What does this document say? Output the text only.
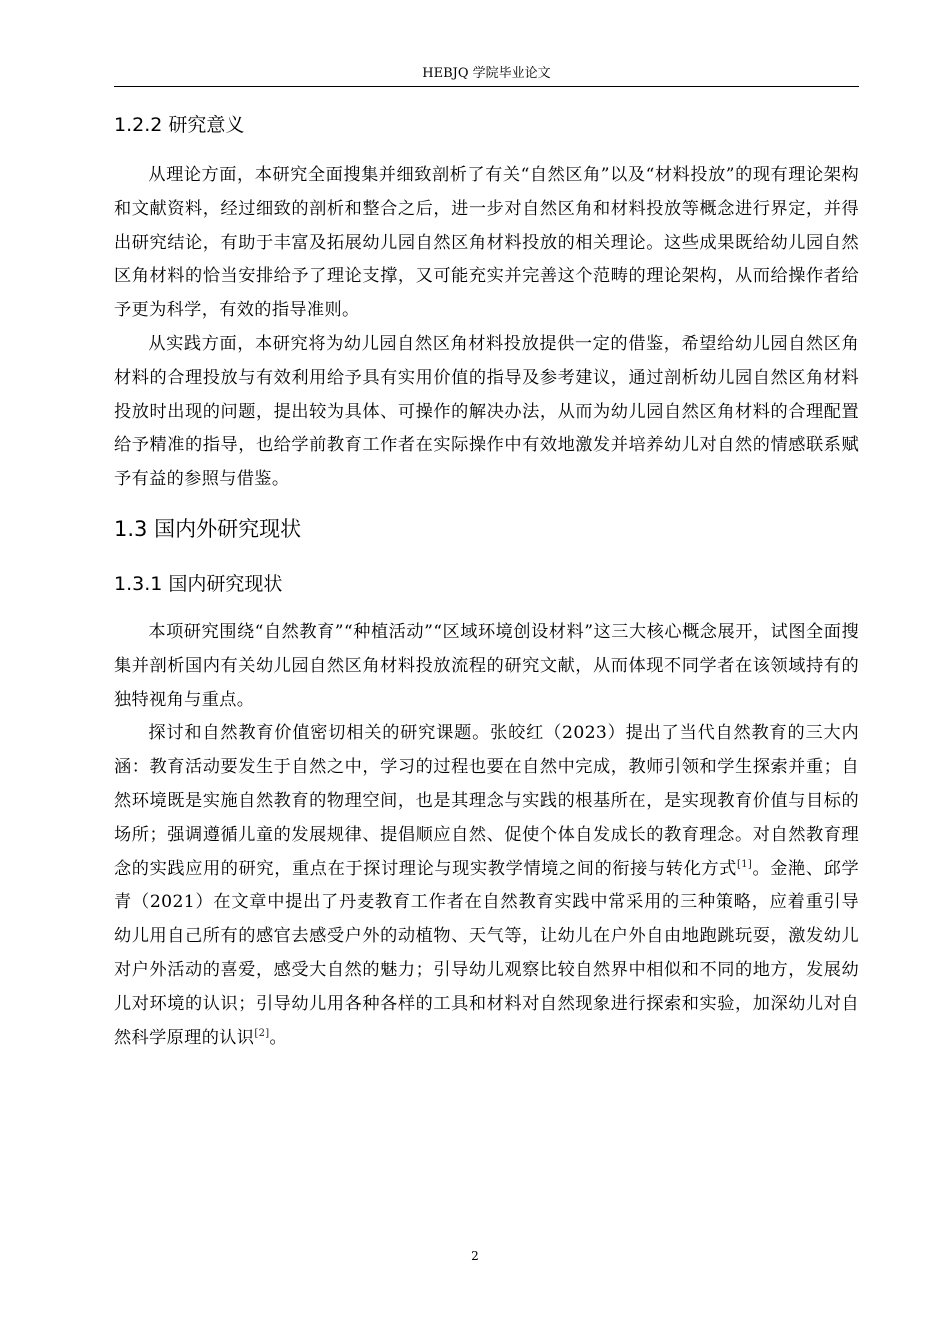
HEBJQ 学院毕业论文
1.2.2 研究意义

从理论方面，本研究全面搜集并细致剖析了有关“自然区角”以及“材料投放”的现有理论架构和文献资料，经过细致的剖析和整合之后，进一步对自然区角和材料投放等概念进行界定，并得出研究结论，有助于丰富及拓展幼儿园自然区角材料投放的相关理论。这些成果既给幼儿园自然区角材料的恰当安排给予了理论支撑，又可能充实并完善这个范畴的理论架构，从而给操作者给予更为科学，有效的指导准则。

从实践方面，本研究将为幼儿园自然区角材料投放提供一定的借鉴，希望给幼儿园自然区角材料的合理投放与有效利用给予具有实用价值的指导及参考建议，通过剖析幼儿园自然区角材料投放时出现的问题，提出较为具体、可操作的解决办法，从而为幼儿园自然区角材料的合理配置给予精准的指导，也给学前教育工作者在实际操作中有效地激发并培养幼儿对自然的情感联系赋予有益的参照与借鉴。

1.3 国内外研究现状
1.3.1 国内研究现状

本项研究围绕“自然教育”“种植活动”“区域环境创设材料”这三大核心概念展开，试图全面搜集并剖析国内有关幼儿园自然区角材料投放流程的研究文献，从而体现不同学者在该领域持有的独特视角与重点。

探讨和自然教育价值密切相关的研究课题。张皎红（2023）提出了当代自然教育的三大内涵：教育活动要发生于自然之中，学习的过程也要在自然中完成，教师引领和学生探索并重；自然环境既是实施自然教育的物理空间，也是其理念与实践的根基所在，是实现教育价值与目标的场所；强调遵循儿童的发展规律、提倡顺应自然、促使个体自发成长的教育理念。对自然教育理念的实践应用的研究，重点在于探讨理论与现实教学情境之间的衔接与转化方式[1]。金滟、邱学青（2021）在文章中提出了丹麦教育工作者在自然教育实践中常采用的三种策略，应着重引导幼儿用自己所有的感官去感受户外的动植物、天气等，让幼儿在户外自由地跑跳玩耍，激发幼儿对户外活动的喜爱，感受大自然的魅力；引导幼儿观察比较自然界中相似和不同的地方，发展幼儿对环境的认识；引导幼儿用各种各样的工具和材料对自然现象进行探索和实验，加深幼儿对自然科学原理的认识[2]。

2
